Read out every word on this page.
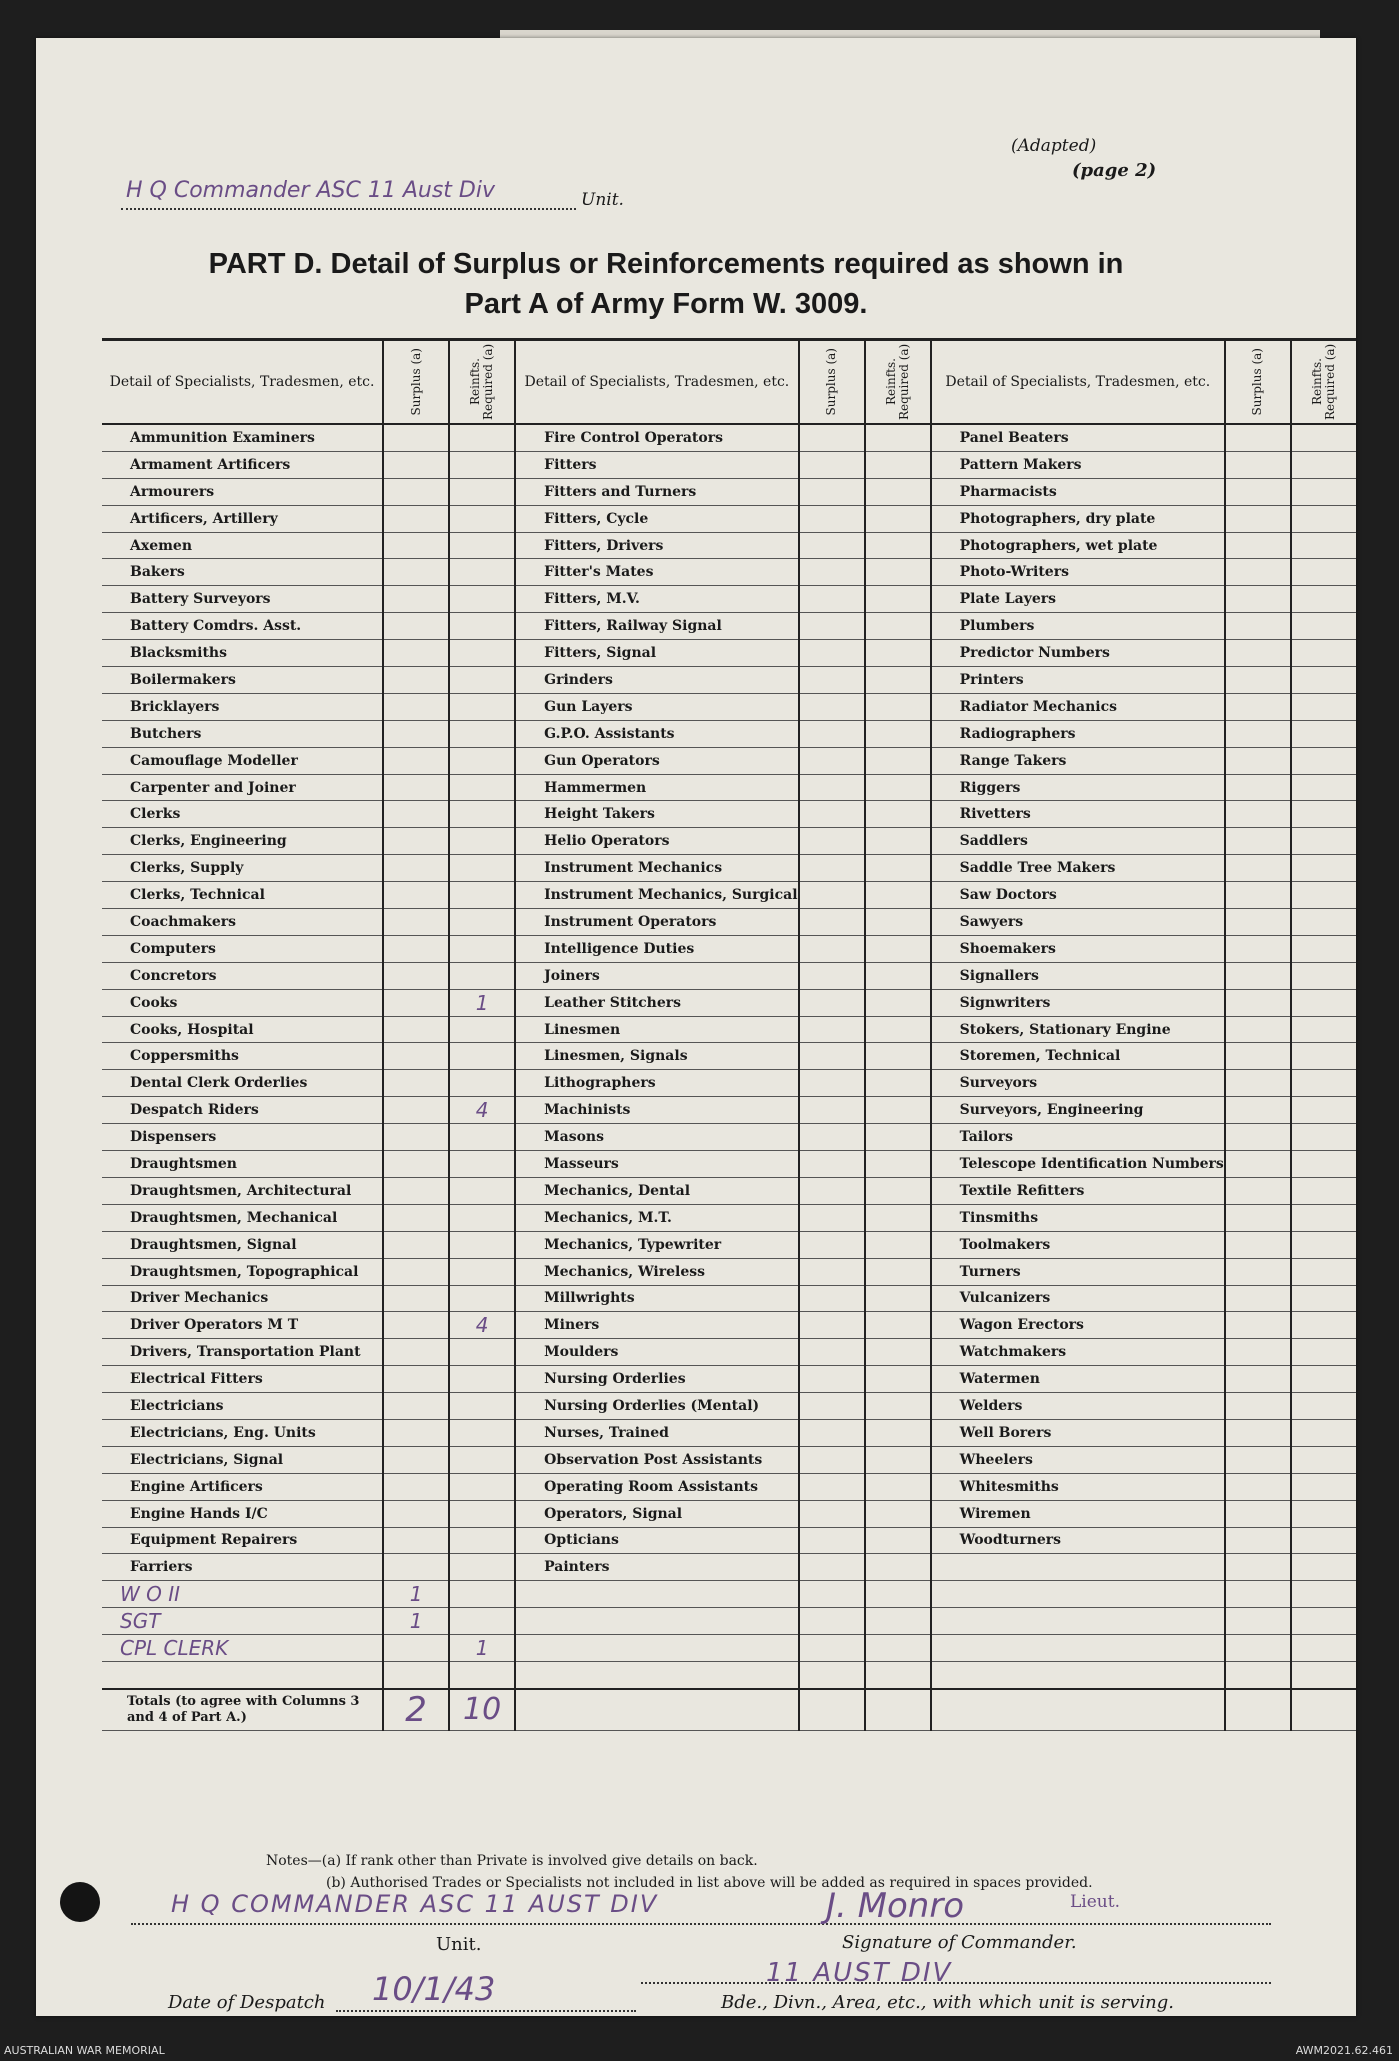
H Q Commander ASC 11 Aust Div	Unit.
(Adapted)
(page 2)
PART D. Detail of Surplus or Reinforcements required as shown in
Part A of Army Form W. 3009.
Detail of Specialists, Tradesmen, etc.	Surplus (a)	Reinfts. Required (a)	Detail of Specialists, Tradesmen, etc.	Surplus (a)	Reinfts. Required (a)	Detail of Specialists, Tradesmen, etc.	Surplus (a)	Reinfts. Required (a)

Ammunition Examiners			Fire Control Operators			Panel Beaters		
Armament Artificers			Fitters			Pattern Makers		
Armourers			Fitters and Turners			Pharmacists		
Artificers, Artillery			Fitters, Cycle			Photographers, dry plate		
Axemen			Fitters, Drivers			Photographers, wet plate		
Bakers			Fitter's Mates			Photo-Writers		
Battery Surveyors			Fitters, M.V.			Plate Layers		
Battery Comdrs. Asst.			Fitters, Railway Signal			Plumbers		
Blacksmiths			Fitters, Signal			Predictor Numbers		
Boilermakers			Grinders			Printers		
Bricklayers			Gun Layers			Radiator Mechanics		
Butchers			G.P.O. Assistants			Radiographers		
Camouflage Modeller			Gun Operators			Range Takers		
Carpenter and Joiner			Hammermen			Riggers		
Clerks			Height Takers			Rivetters		
Clerks, Engineering			Helio Operators			Saddlers		
Clerks, Supply			Instrument Mechanics			Saddle Tree Makers		
Clerks, Technical			Instrument Mechanics, Surgical			Saw Doctors		
Coachmakers			Instrument Operators			Sawyers		
Computers			Intelligence Duties			Shoemakers		
Concretors			Joiners			Signallers		
Cooks		1	Leather Stitchers			Signwriters		
Cooks, Hospital			Linesmen			Stokers, Stationary Engine		
Coppersmiths			Linesmen, Signals			Storemen, Technical		
Dental Clerk Orderlies			Lithographers			Surveyors		
Despatch Riders		4	Machinists			Surveyors, Engineering		
Dispensers			Masons			Tailors		
Draughtsmen			Masseurs			Telescope Identification Numbers		
Draughtsmen, Architectural			Mechanics, Dental			Textile Refitters		
Draughtsmen, Mechanical			Mechanics, M.T.			Tinsmiths		
Draughtsmen, Signal			Mechanics, Typewriter			Toolmakers		
Draughtsmen, Topographical			Mechanics, Wireless			Turners		
Driver Mechanics			Millwrights			Vulcanizers		
Driver Operators M T		4	Miners			Wagon Erectors		
Drivers, Transportation Plant			Moulders			Watchmakers		
Electrical Fitters			Nursing Orderlies			Watermen		
Electricians			Nursing Orderlies (Mental)			Welders		
Electricians, Eng. Units			Nurses, Trained			Well Borers		
Electricians, Signal			Observation Post Assistants			Wheelers		
Engine Artificers			Operating Room Assistants			Whitesmiths		
Engine Hands I/C			Operators, Signal			Wiremen		
Equipment Repairers			Opticians			Woodturners		
Farriers			Painters					
W O II	1							
SGT	1							
CPL CLERK		1						

Totals (to agree with Columns 3 and 4 of Part A.)	2	10						
Notes—(a) If rank other than Private is involved give details on back.
(b) Authorised Trades or Specialists not included in list above will be added as required in spaces provided.
H Q COMMANDER ASC 11 AUST DIV
Unit.
J. Monro	Lieut.
Signature of Commander.
Date of Despatch 10/1/43	11 AUST DIV
Bde., Divn., Area, etc., with which unit is serving.
AUSTRALIAN WAR MEMORIAL	AWM2021.62.461
